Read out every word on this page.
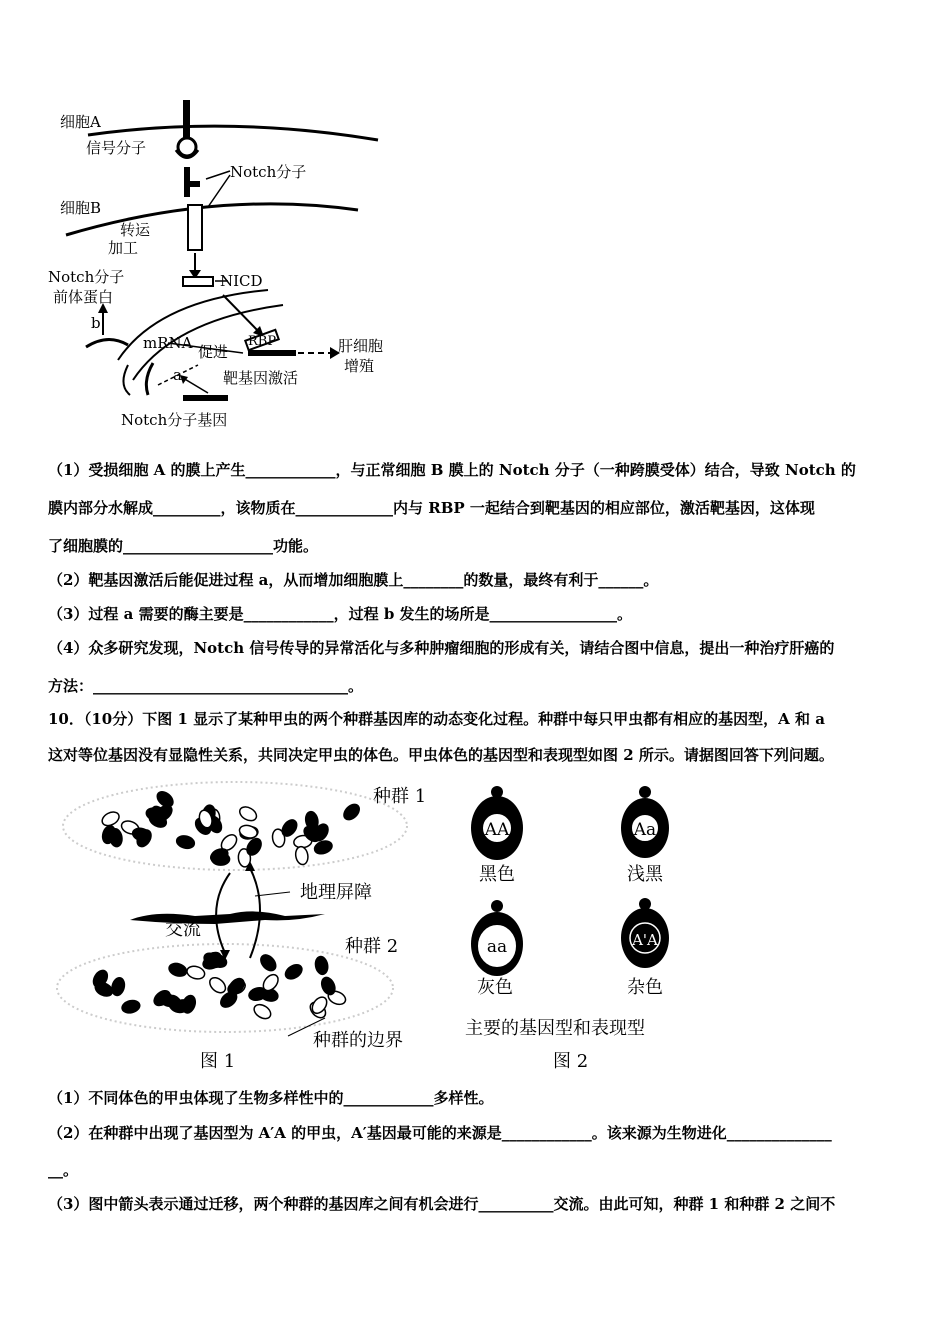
细胞A
信号分子
Notch分子
细胞B
转运
加工
NICD
Notch分子
前体蛋白
b
mRNA 促进
RBP	肝细胞
增殖
a	靶基因激活
Notch分子基因
（1）受损细胞 A 的膜上产生____________，与正常细胞 B 膜上的 Notch 分子（一种跨膜受体）结合，导致 Notch 的
膜内部分水解成_________，该物质在_____________内与 RBP 一起结合到靶基因的相应部位，激活靶基因，这体现
了细胞膜的____________________功能。
（2）靶基因激活后能促进过程 a，从而增加细胞膜上________的数量，最终有利于______。
（3）过程 a 需要的酶主要是____________，过程 b 发生的场所是_________________。
（4）众多研究发现，Notch 信号传导的异常活化与多种肿瘤细胞的形成有关，请结合图中信息，提出一种治疗肝癌的
方法：__________________________________。
10．（10分）下图 1 显示了某种甲虫的两个种群基因库的动态变化过程。种群中每只甲虫都有相应的基因型，A 和 a
这对等位基因没有显隐性关系，共同决定甲虫的体色。甲虫体色的基因型和表现型如图 2 所示。请据图回答下列问题。
种群 1
地理屏障
交流
种群 2
种群的边界
图 1
AA
黑色
Aa
浅黑
aa
灰色
A'A
杂色
主要的基因型和表现型
图 2
（1）不同体色的甲虫体现了生物多样性中的____________多样性。
（2）在种群中出现了基因型为 A′A 的甲虫，A′基因最可能的来源是____________。该来源为生物进化______________
__。
（3）图中箭头表示通过迁移，两个种群的基因库之间有机会进行__________交流。由此可知，种群 1 和种群 2 之间不
